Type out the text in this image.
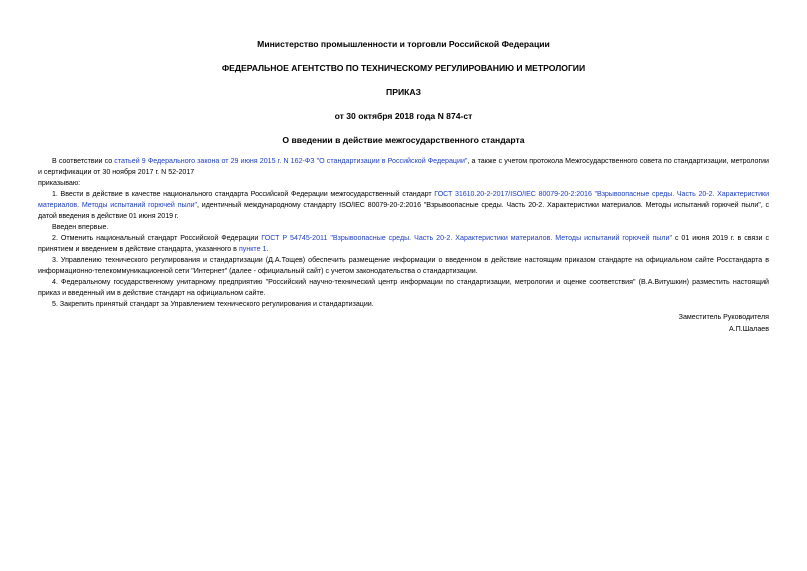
Министерство промышленности и торговли Российской Федерации
ФЕДЕРАЛЬНОЕ АГЕНТСТВО ПО ТЕХНИЧЕСКОМУ РЕГУЛИРОВАНИЮ И МЕТРОЛОГИИ
ПРИКАЗ
от 30 октября 2018 года N 874-ст
О введении в действие межгосударственного стандарта

В соответствии со статьей 9 Федерального закона от 29 июня 2015 г. N 162-ФЗ "О стандартизации в Российской Федерации", а также с учетом протокола Межгосударственного совета по стандартизации, метрологии и сертификации от 30 ноября 2017 г. N 52-2017

приказываю:

1. Ввести в действие в качестве национального стандарта Российской Федерации межгосударственный стандарт ГОСТ 31610.20-2-2017/ISO/IEC 80079-20-2:2016 "Взрывоопасные среды. Часть 20-2. Характеристики материалов. Методы испытаний горючей пыли", идентичный международному стандарту ISO/IEC 80079-20-2:2016 "Взрывоопасные среды. Часть 20-2. Характеристики материалов. Методы испытаний горючей пыли", с датой введения в действие 01 июня 2019 г.

Введен впервые.

2. Отменить национальный стандарт Российской Федерации ГОСТ Р 54745-2011 "Взрывоопасные среды. Часть 20-2. Характеристики материалов. Методы испытаний горючей пыли" с 01 июня 2019 г. в связи с принятием и введением в действие стандарта, указанного в пункте 1.

3. Управлению технического регулирования и стандартизации (Д.А.Тощев) обеспечить размещение информации о введенном в действие настоящим приказом стандарте на официальном сайте Росстандарта в информационно-телекоммуникационной сети "Интернет" (далее - официальный сайт) с учетом законодательства о стандартизации.

4. Федеральному государственному унитарному предприятию "Российский научно-технический центр информации по стандартизации, метрологии и оценке соответствия" (В.А.Витушкин) разместить настоящий приказ и введенный им в действие стандарт на официальном сайте.

5. Закрепить принятый стандарт за Управлением технического регулирования и стандартизации.

Заместитель Руководителя
А.П.Шалаев
